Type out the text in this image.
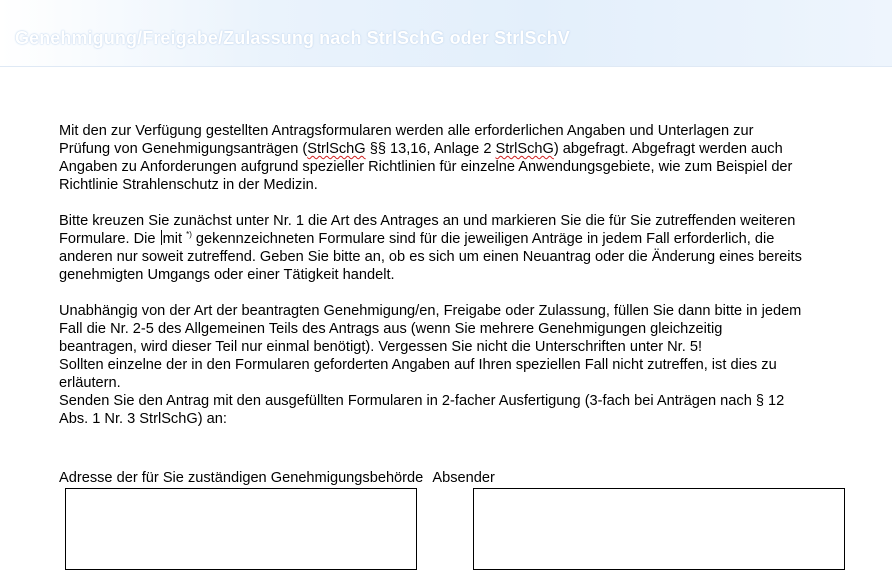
Genehmigung/Freigabe/Zulassung nach StrlSchG oder StrlSchV

Mit den zur Verfügung gestellten Antragsformularen werden alle erforderlichen Angaben und Unterlagen zur
Prüfung von Genehmigungsanträgen (StrlSchG §§ 13,16, Anlage 2 StrlSchG) abgefragt. Abgefragt werden auch
Angaben zu Anforderungen aufgrund spezieller Richtlinien für einzelne Anwendungsgebiete, wie zum Beispiel der
Richtlinie Strahlenschutz in der Medizin.

Bitte kreuzen Sie zunächst unter Nr. 1 die Art des Antrages an und markieren Sie die für Sie zutreffenden weiteren
Formulare. Die mit *) gekennzeichneten Formulare sind für die jeweiligen Anträge in jedem Fall erforderlich, die
anderen nur soweit zutreffend. Geben Sie bitte an, ob es sich um einen Neuantrag oder die Änderung eines bereits
genehmigten Umgangs oder einer Tätigkeit handelt.

Unabhängig von der Art der beantragten Genehmigung/en, Freigabe oder Zulassung, füllen Sie dann bitte in jedem
Fall die Nr. 2-5 des Allgemeinen Teils des Antrags aus (wenn Sie mehrere Genehmigungen gleichzeitig
beantragen, wird dieser Teil nur einmal benötigt). Vergessen Sie nicht die Unterschriften unter Nr. 5!
Sollten einzelne der in den Formularen geforderten Angaben auf Ihren speziellen Fall nicht zutreffen, ist dies zu
erläutern.
Senden Sie den Antrag mit den ausgefüllten Formularen in 2-facher Ausfertigung (3-fach bei Anträgen nach § 12
Abs. 1 Nr. 3 StrlSchG) an:

Adresse der für Sie zuständigen Genehmigungsbehörde Absender
